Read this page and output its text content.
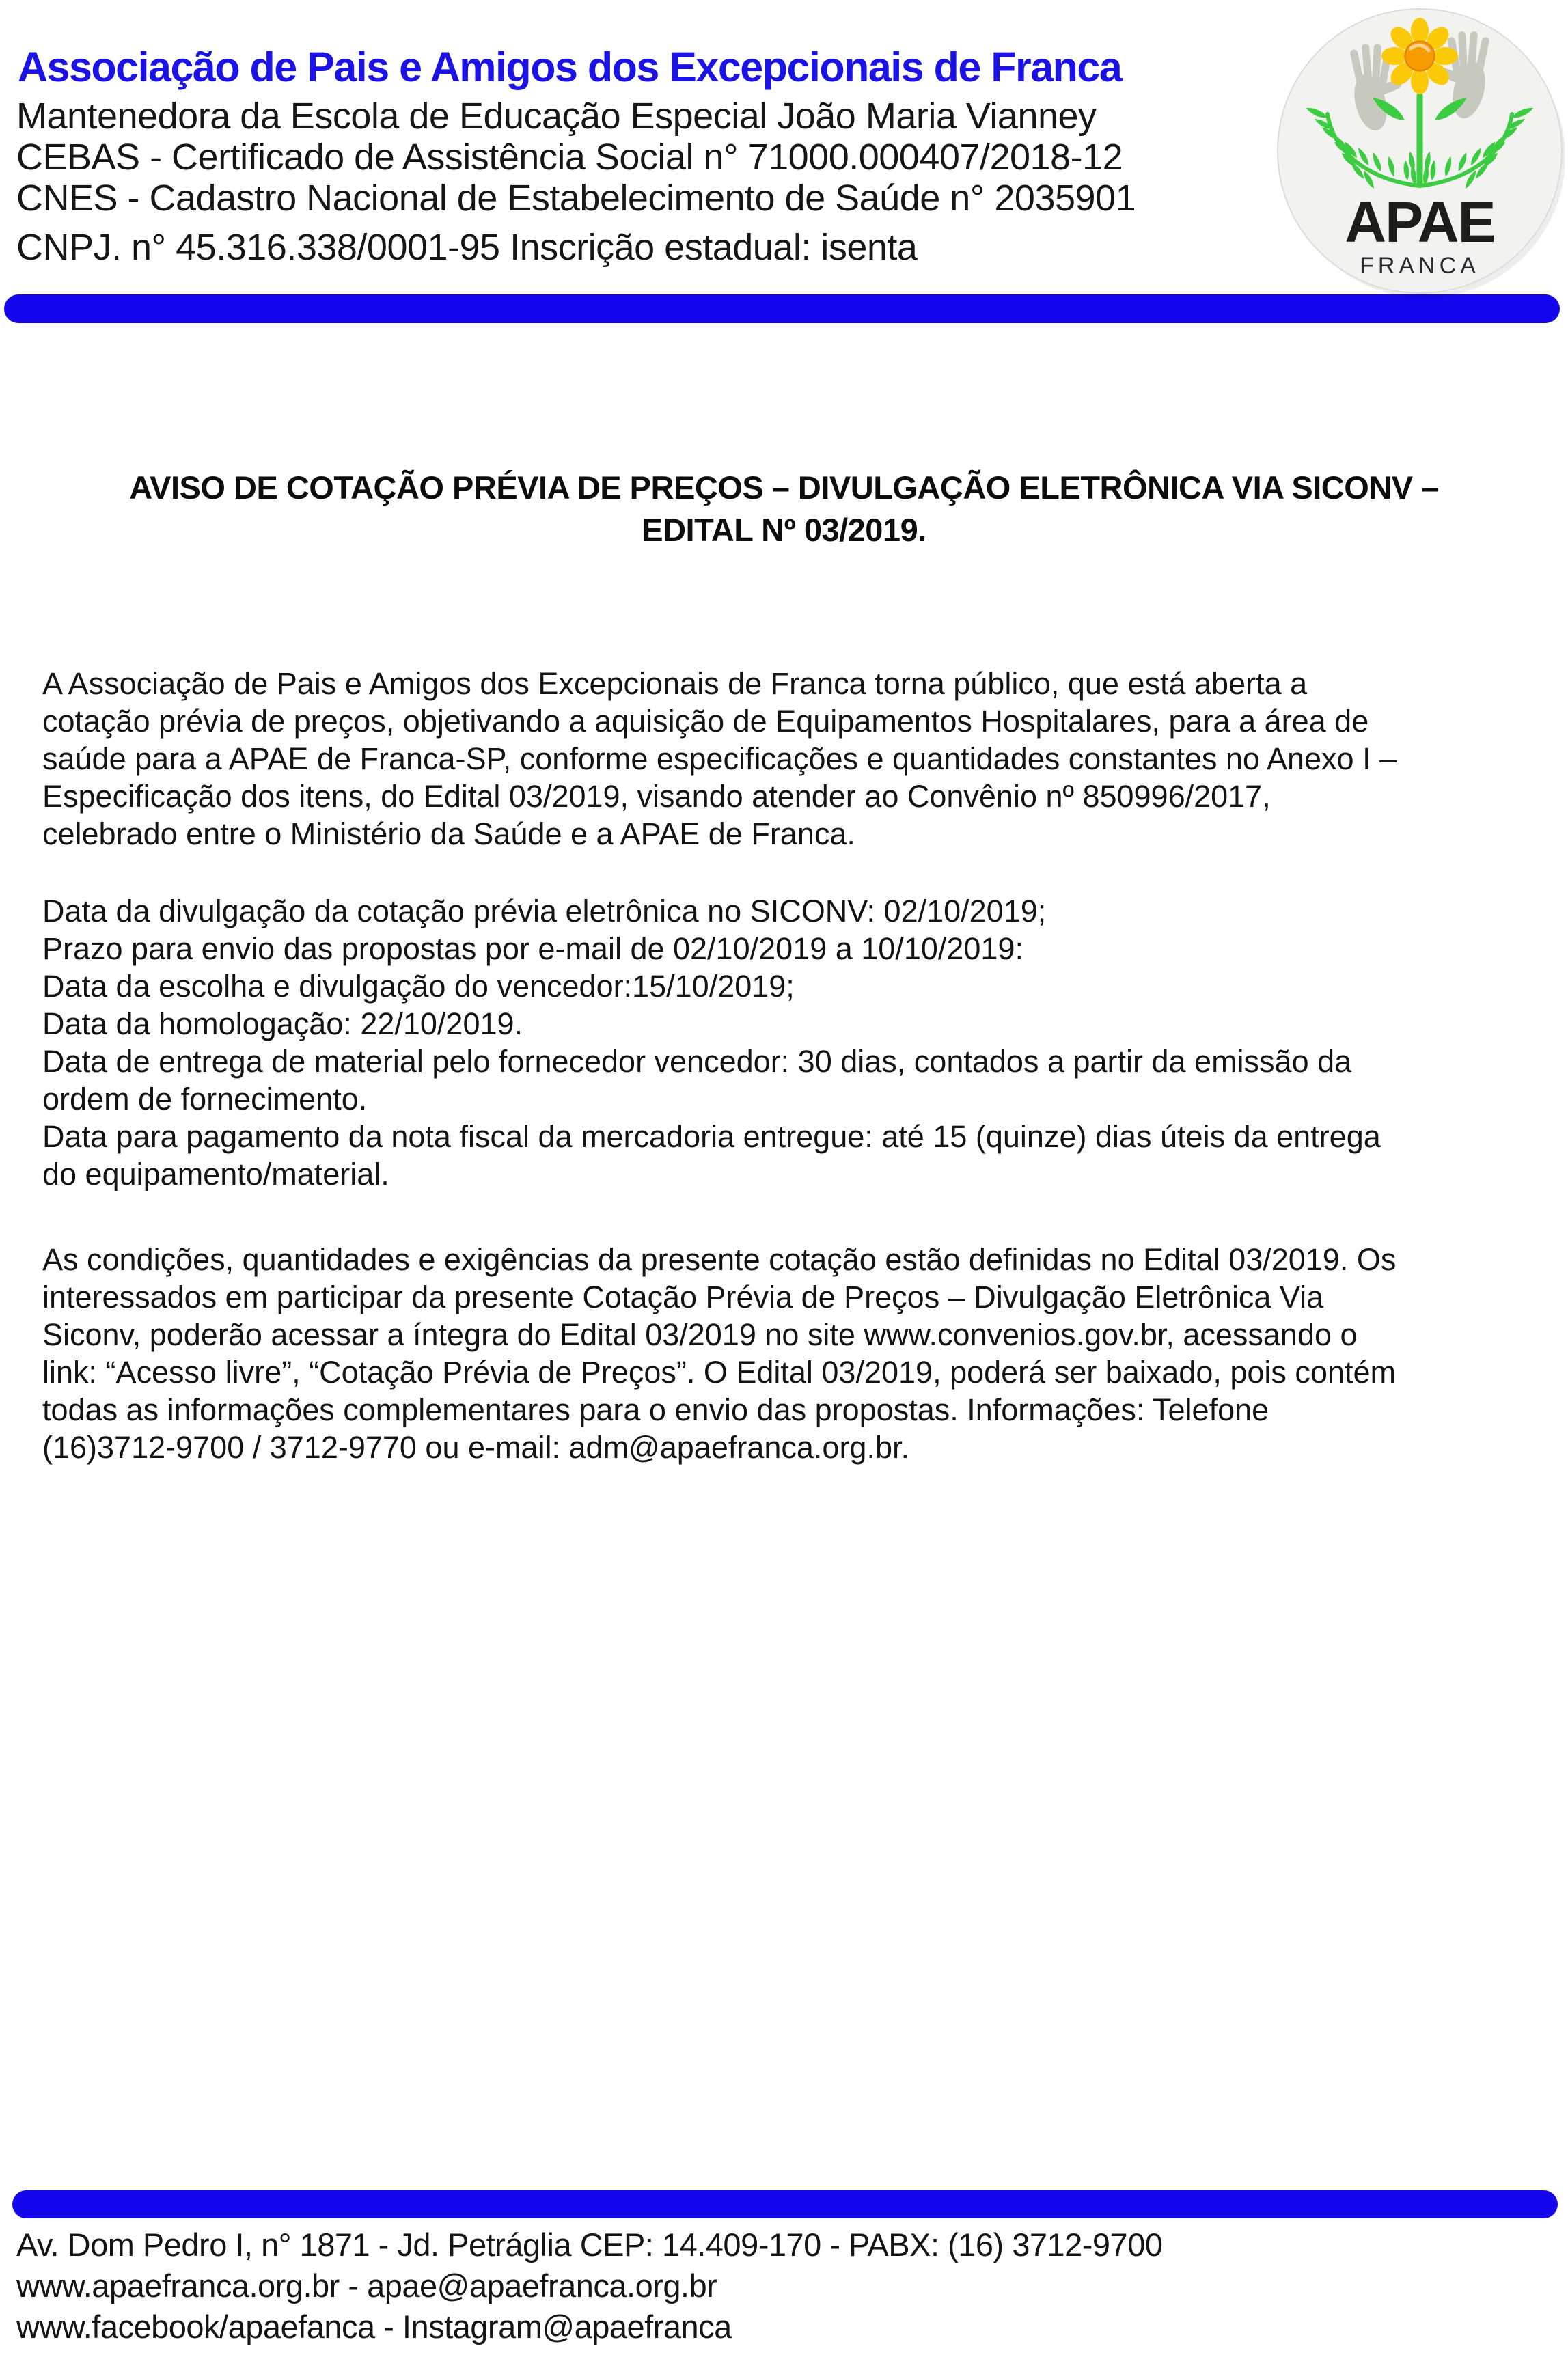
Associação de Pais e Amigos dos Excepcionais de Franca
Mantenedora da Escola de Educação Especial João Maria Vianney
CEBAS - Certificado de Assistência Social n° 71000.000407/2018-12
CNES - Cadastro Nacional de Estabelecimento de Saúde n° 2035901
CNPJ. n° 45.316.338/0001-95 Inscrição estadual: isenta	APAE
FRANCA
AVISO DE COTAÇÃO PRÉVIA DE PREÇOS – DIVULGAÇÃO ELETRÔNICA VIA SICONV –
EDITAL Nº 03/2019.
A Associação de Pais e Amigos dos Excepcionais de Franca torna público, que está aberta a
cotação prévia de preços, objetivando a aquisição de Equipamentos Hospitalares, para a área de
saúde para a APAE de Franca-SP, conforme especificações e quantidades constantes no Anexo I –
Especificação dos itens, do Edital 03/2019, visando atender ao Convênio nº 850996/2017,
celebrado entre o Ministério da Saúde e a APAE de Franca.
Data da divulgação da cotação prévia eletrônica no SICONV: 02/10/2019;
Prazo para envio das propostas por e-mail de 02/10/2019 a 10/10/2019:
Data da escolha e divulgação do vencedor:15/10/2019;
Data da homologação: 22/10/2019.
Data de entrega de material pelo fornecedor vencedor: 30 dias, contados a partir da emissão da
ordem de fornecimento.
Data para pagamento da nota fiscal da mercadoria entregue: até 15 (quinze) dias úteis da entrega
do equipamento/material.
As condições, quantidades e exigências da presente cotação estão definidas no Edital 03/2019. Os
interessados em participar da presente Cotação Prévia de Preços – Divulgação Eletrônica Via
Siconv, poderão acessar a íntegra do Edital 03/2019 no site www.convenios.gov.br, acessando o
link: “Acesso livre”, “Cotação Prévia de Preços”. O Edital 03/2019, poderá ser baixado, pois contém
todas as informações complementares para o envio das propostas. Informações: Telefone
(16)3712-9700 / 3712-9770 ou e-mail: adm@apaefranca.org.br.
Av. Dom Pedro I, n° 1871 - Jd. Petráglia CEP: 14.409-170 - PABX: (16) 3712-9700
www.apaefranca.org.br - apae@apaefranca.org.br
www.facebook/apaefanca - Instagram@apaefranca
